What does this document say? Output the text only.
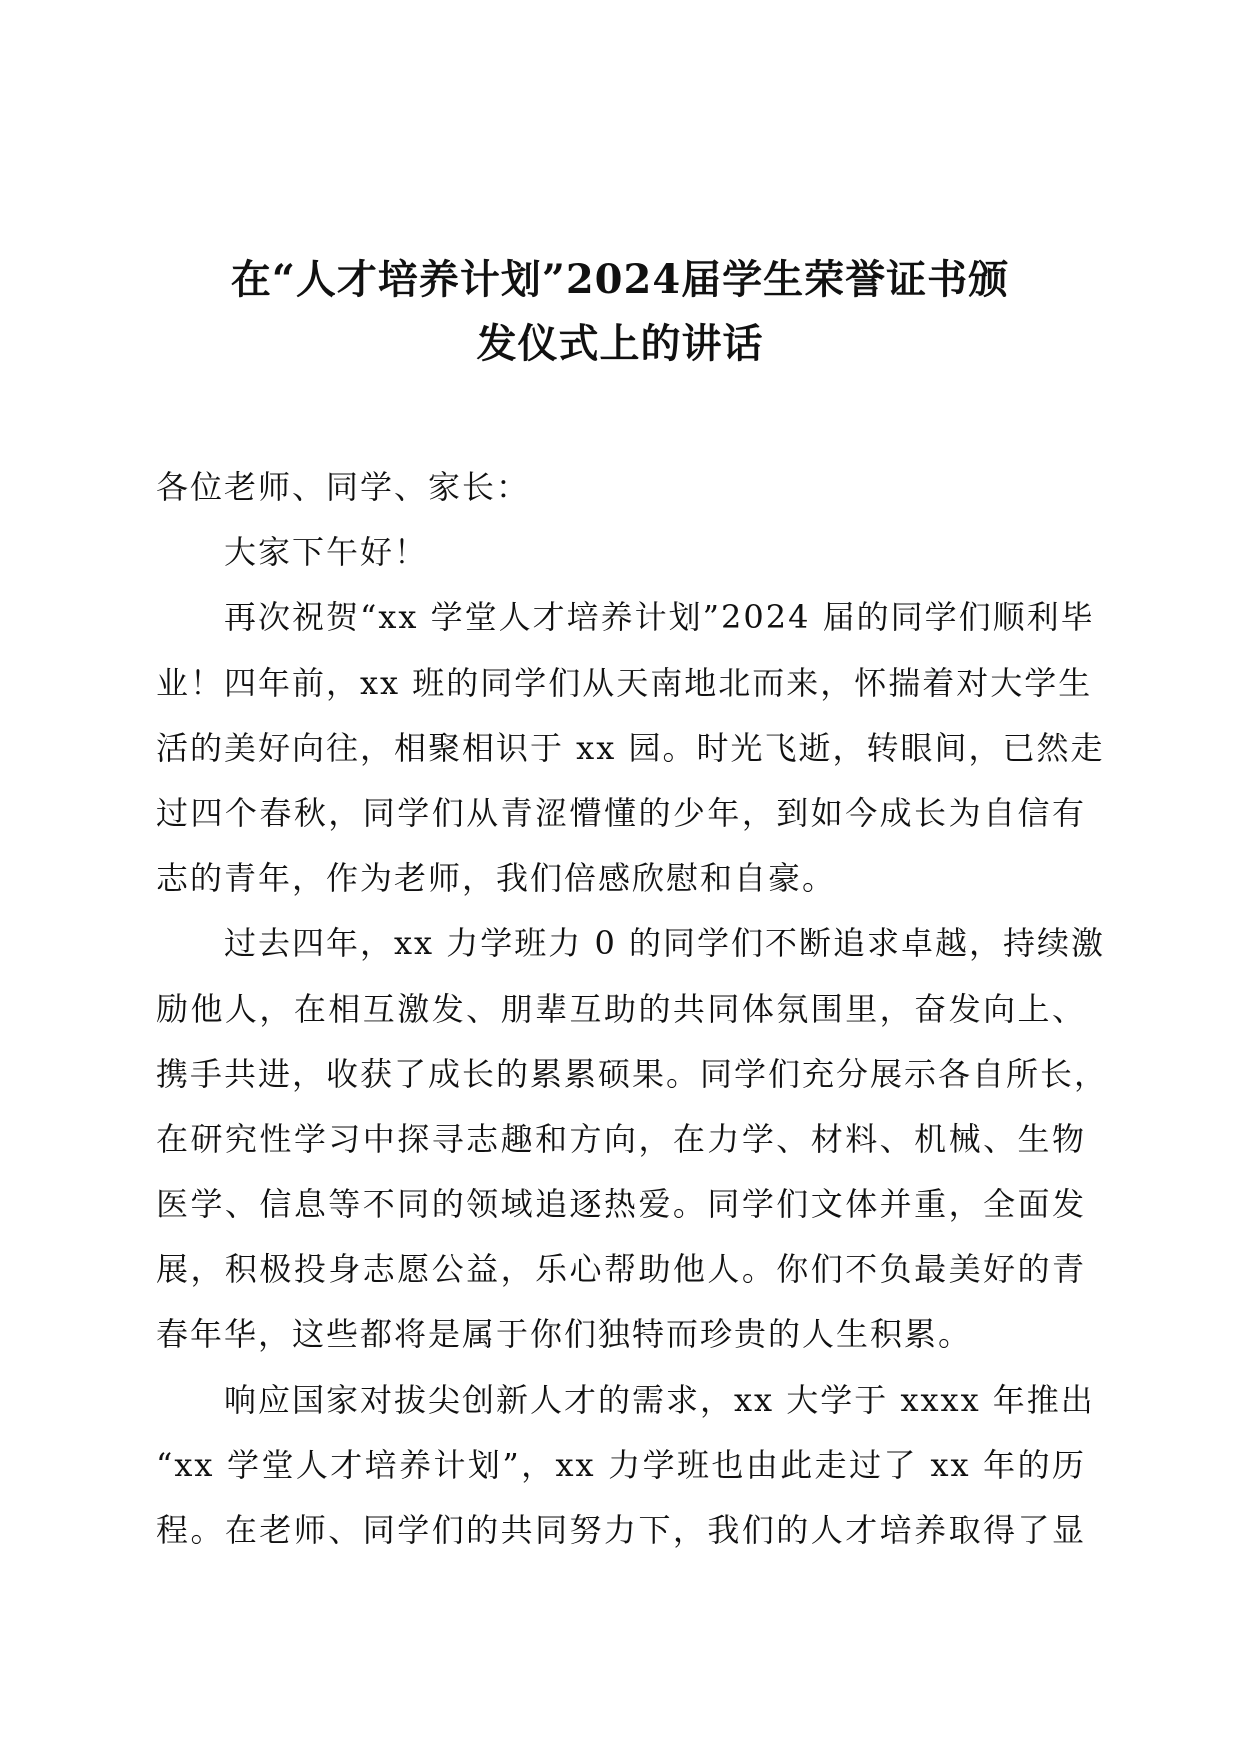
在“人才培养计划”2024届学生荣誉证书颁
发仪式上的讲话
各位老师、同学、家长：
大家下午好！
再次祝贺“xx 学堂人才培养计划”2024 届的同学们顺利毕
业！四年前，xx 班的同学们从天南地北而来，怀揣着对大学生
活的美好向往，相聚相识于 xx 园。时光飞逝，转眼间，已然走
过四个春秋，同学们从青涩懵懂的少年，到如今成长为自信有
志的青年，作为老师，我们倍感欣慰和自豪。
过去四年，xx 力学班力 0 的同学们不断追求卓越，持续激
励他人，在相互激发、朋辈互助的共同体氛围里，奋发向上、
携手共进，收获了成长的累累硕果。同学们充分展示各自所长，
在研究性学习中探寻志趣和方向，在力学、材料、机械、生物
医学、信息等不同的领域追逐热爱。同学们文体并重，全面发
展，积极投身志愿公益，乐心帮助他人。你们不负最美好的青
春年华，这些都将是属于你们独特而珍贵的人生积累。
响应国家对拔尖创新人才的需求，xx 大学于 xxxx 年推出
“xx 学堂人才培养计划”，xx 力学班也由此走过了 xx 年的历
程。在老师、同学们的共同努力下，我们的人才培养取得了显
